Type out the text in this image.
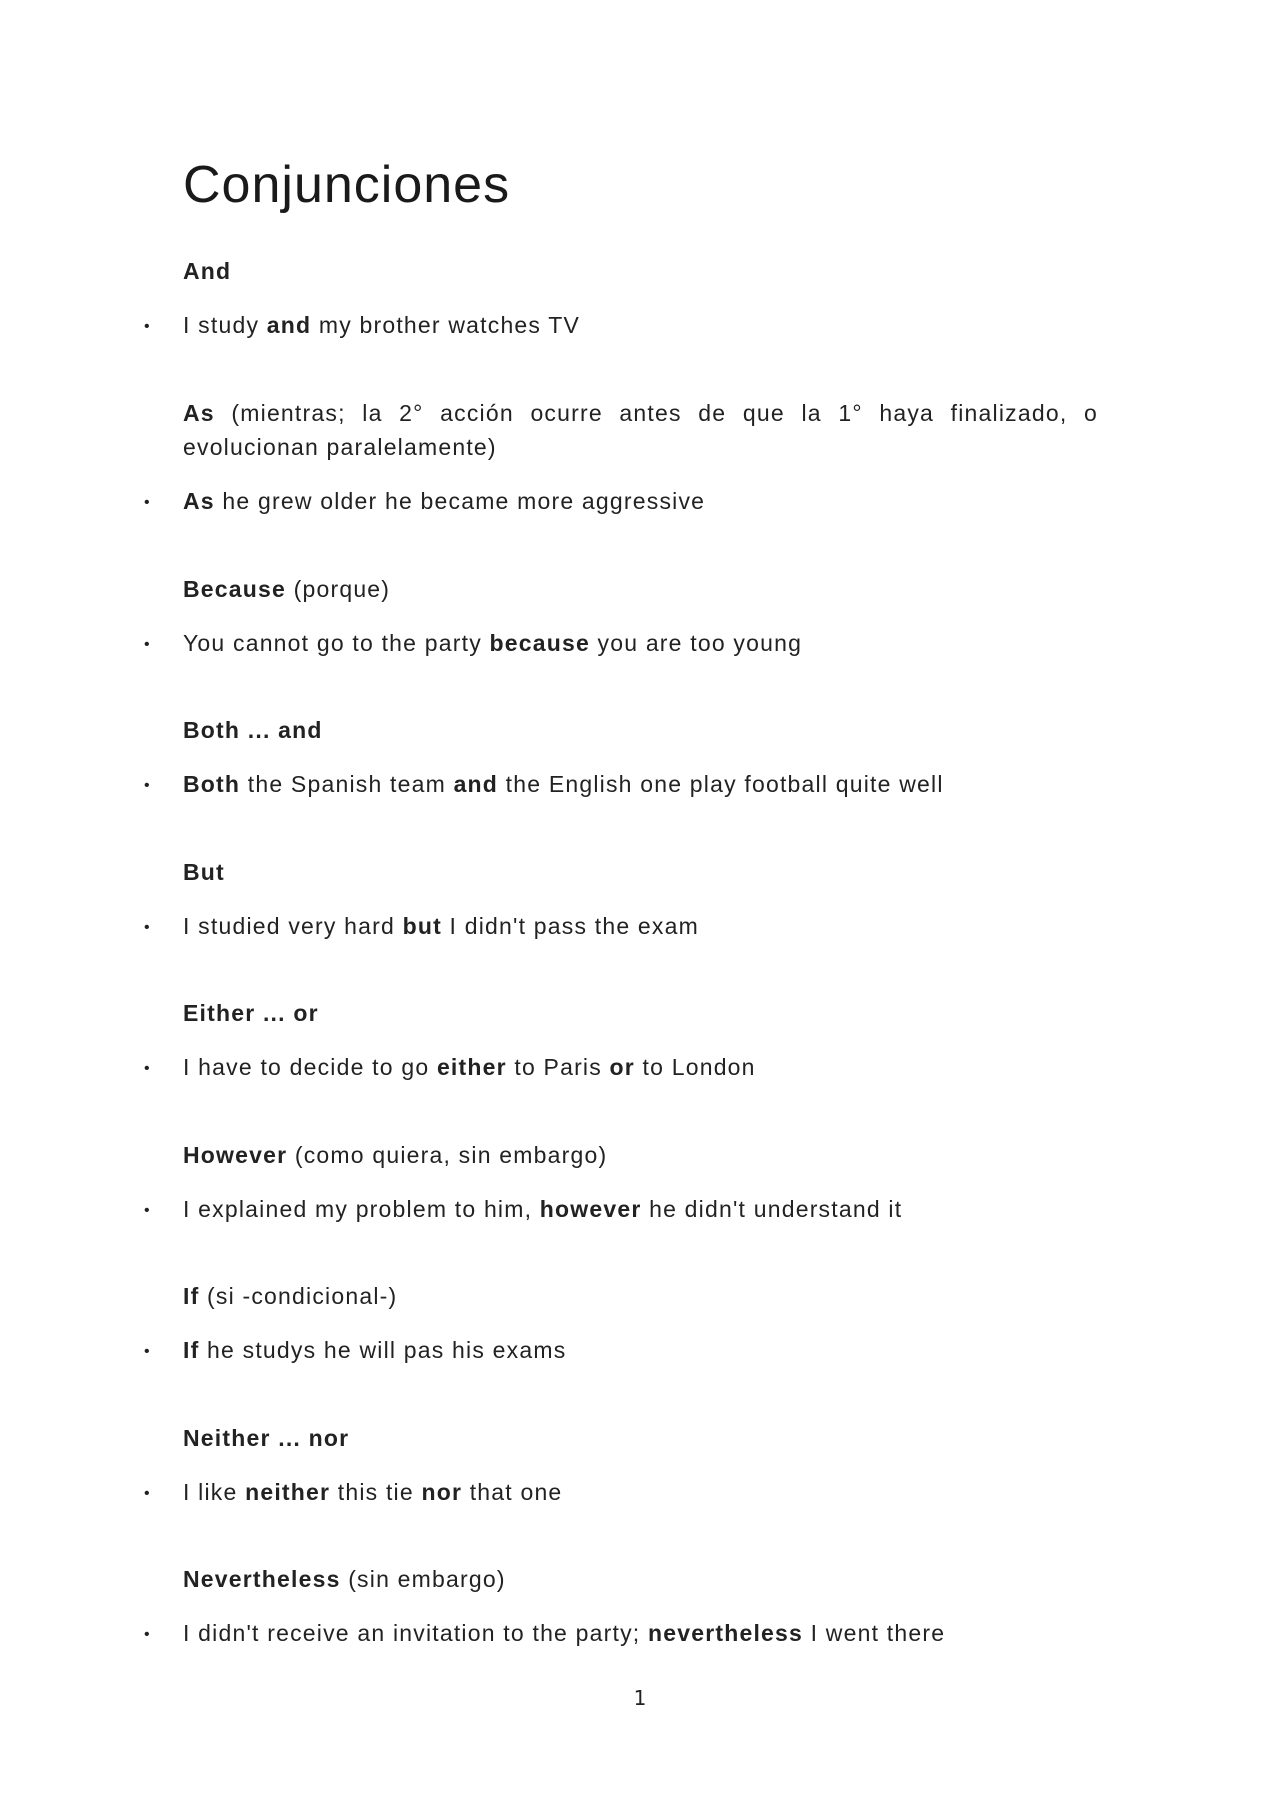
Conjunciones
And
• I study and my brother watches TV
As (mientras; la 2° acción ocurre antes de que la 1° haya finalizado, o evolucionan paralelamente)
• As he grew older he became more aggressive
Because (porque)
• You cannot go to the party because you are too young
Both ... and
• Both the Spanish team and the English one play football quite well
But
• I studied very hard but I didn't pass the exam
Either ... or
• I have to decide to go either to Paris or to London
However (como quiera, sin embargo)
• I explained my problem to him, however he didn't understand it
If (si -condicional-)
• If he studys he will pas his exams
Neither ... nor
• I like neither this tie nor that one
Nevertheless (sin embargo)
• I didn't receive an invitation to the party; nevertheless I went there
1
